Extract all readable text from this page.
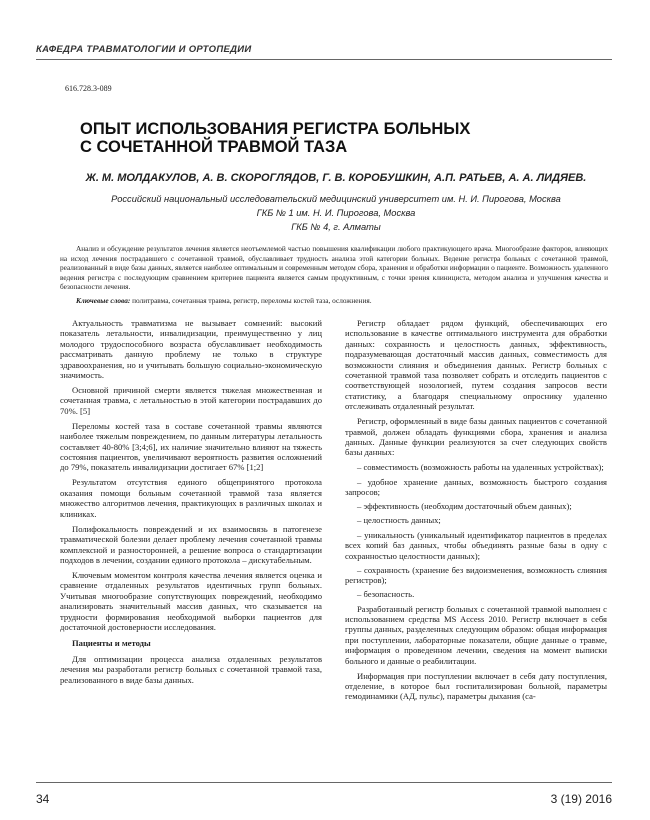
КАФЕДРА ТРАВМАТОЛОГИИ И ОРТОПЕДИИ
616.728.3-089
ОПЫТ ИСПОЛЬЗОВАНИЯ РЕГИСТРА БОЛЬНЫХ
С СОЧЕТАННОЙ ТРАВМОЙ ТАЗА
Ж. М. МОЛДАКУЛОВ, А. В. СКОРОГЛЯДОВ, Г. В. КОРОБУШКИН, А.П. РАТЬЕВ, А. А. ЛИДЯЕВ.
Российский национальный исследовательский медицинский университет им. Н. И. Пирогова, Москва
ГКБ № 1 им. Н. И. Пирогова, Москва
ГКБ № 4, г. Алматы

Анализ и обсуждение результатов лечения является неотъемлемой частью повышения квалификации любого практикующего врача. Многообразие факторов, влияющих на исход лечения пострадавшего с сочетанной травмой, обуславливает трудность анализа этой категории больных. Ведение регистра больных с сочетанной травмой, реализованный в виде базы данных, является наиболее оптимальным и современным методом сбора, хранения и обработки информации о пациенте. Возможность удаленного ведения регистра с последующим сравнением критериев пациента является самым продуктивным, с точки зрения клинициста, методом анализа и улучшения качества и безопасности лечения.

Ключевые слова: политравма, сочетанная травма, регистр, переломы костей таза, осложнения.

Актуальность травматизма не вызывает сомнений: высокий показатель летальности, инвалидизации, преимущественно у лиц молодого трудоспособного возраста обуславливает необходимость рассматривать данную проблему не только в структуре здравоохранения, но и учитывать большую социально-экономическую значимость.

Основной причиной смерти является тяжелая множественная и сочетанная травма, с летальностью в этой категории пострадавших до 70%. [5]

Переломы костей таза в составе сочетанной травмы являются наиболее тяжелым повреждением, по данным литературы летальность составляет 40-80% [3;4;6], их наличие значительно влияют на тяжесть состояния пациентов, увеличивают вероятность развития осложнений до 79%, показатель инвалидизации достигает 67% [1;2]

Результатом отсутствия единого общепринятого протокола оказания помощи больным сочетанной травмой таза является множество алгоритмов лечения, практикующих в различных школах и клиниках.

Полифокальность повреждений и их взаимосвязь в патогенезе травматической болезни делает проблему лечения сочетанной травмы комплексной и разносторонней, а решение вопроса о стандартизации подходов в лечении, создании единого протокола – дискутабельным.

Ключевым моментом контроля качества лечения является оценка и сравнение отдаленных результатов идентичных групп больных. Учитывая многообразие сопутствующих повреждений, необходимо анализировать значительный массив данных, что сказывается на трудности формирования необходимой выборки пациентов для достаточной достоверности исследования.

Пациенты и методы

Для оптимизации процесса анализа отдаленных результатов лечения мы разработали регистр больных с сочетанной травмой таза, реализованного в виде базы данных.

Регистр обладает рядом функций, обеспечивающих его использование в качестве оптимального инструмента для обработки данных: сохранность и целостность данных, эффективность, подразумевающая достаточный массив данных, совместимость для возможности слияния и объединения данных. Регистр больных с сочетанной травмой таза позволяет собрать и отследить пациентов с соответствующей нозологией, путем создания запросов вести статистику, а благодаря специальному опроснику удаленно отслеживать отдаленный результат.

Регистр, оформленный в виде базы данных пациентов с сочетанной травмой, должен обладать функциями сбора, хранения и анализа данных. Данные функции реализуются за счет следующих свойств базы данных:

– совместимость (возможность работы на удаленных устройствах);

– удобное хранение данных, возможность быстрого создания запросов;

– эффективность (необходим достаточный объем данных);

– целостность данных;

– уникальность (уникальный идентификатор пациентов в пределах всех копий баз данных, чтобы объединять разные базы в одну с сохранностью целостности данных);

– сохранность (хранение без видоизменения, возможность слияния регистров);

– безопасность.

Разработанный регистр больных с сочетанной травмой выполнен с использованием средства MS Access 2010. Регистр включает в себя группы данных, разделенных следующим образом: общая информация при поступлении, лабораторные показатели, общие данные о травме, информация о проведенном лечении, сведения на момент выписки больного и данные о реабилитации.

Информация при поступлении включает в себя дату поступления, отделение, в которое был госпитализирован больной, параметры гемодинамики (АД, пульс), параметры дыхания (са-

34	3 (19) 2016
